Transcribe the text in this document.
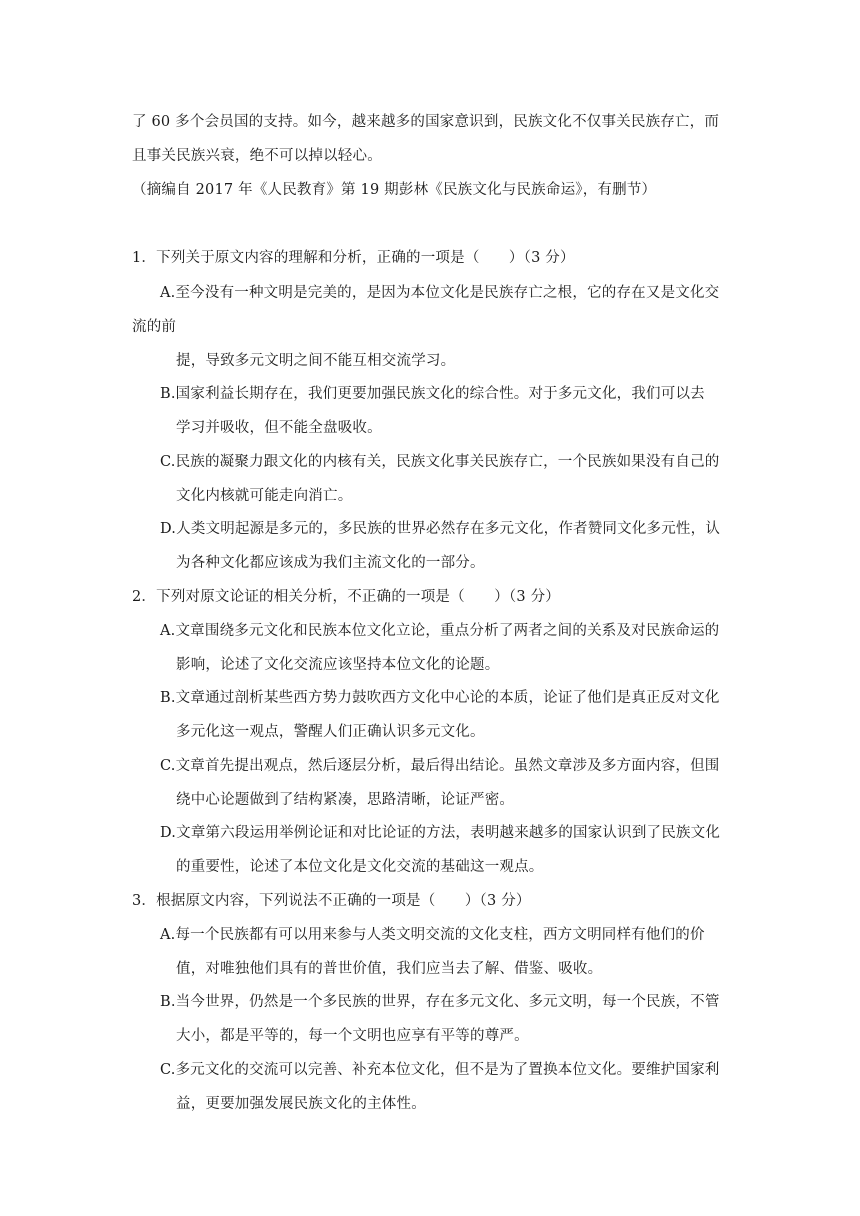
了 60 多个会员国的支持。如今，越来越多的国家意识到，民族文化不仅事关民族存亡，而
且事关民族兴衰，绝不可以掉以轻心。
（摘编自 2017 年《人民教育》第 19 期彭林《民族文化与民族命运》，有删节）
1．下列关于原文内容的理解和分析，正确的一项是（　　）（3 分）
A.至今没有一种文明是完美的，是因为本位文化是民族存亡之根，它的存在又是文化交
流的前
提，导致多元文明之间不能互相交流学习。
B.国家利益长期存在，我们更要加强民族文化的综合性。对于多元文化，我们可以去
学习并吸收，但不能全盘吸收。
C.民族的凝聚力跟文化的内核有关，民族文化事关民族存亡，一个民族如果没有自己的
文化内核就可能走向消亡。
D.人类文明起源是多元的，多民族的世界必然存在多元文化，作者赞同文化多元性，认
为各种文化都应该成为我们主流文化的一部分。
2．下列对原文论证的相关分析，不正确的一项是（　　）（3 分）
A.文章围绕多元文化和民族本位文化立论，重点分析了两者之间的关系及对民族命运的
影响，论述了文化交流应该坚持本位文化的论题。
B.文章通过剖析某些西方势力鼓吹西方文化中心论的本质，论证了他们是真正反对文化
多元化这一观点，警醒人们正确认识多元文化。
C.文章首先提出观点，然后逐层分析，最后得出结论。虽然文章涉及多方面内容，但围
绕中心论题做到了结构紧凑，思路清晰，论证严密。
D.文章第六段运用举例论证和对比论证的方法，表明越来越多的国家认识到了民族文化
的重要性，论述了本位文化是文化交流的基础这一观点。
3．根据原文内容，下列说法不正确的一项是（　　）（3 分）
A.每一个民族都有可以用来参与人类文明交流的文化支柱，西方文明同样有他们的价
值，对唯独他们具有的普世价值，我们应当去了解、借鉴、吸收。
B.当今世界，仍然是一个多民族的世界，存在多元文化、多元文明，每一个民族，不管
大小，都是平等的，每一个文明也应享有平等的尊严。
C.多元文化的交流可以完善、补充本位文化，但不是为了置换本位文化。要维护国家利
益，更要加强发展民族文化的主体性。
